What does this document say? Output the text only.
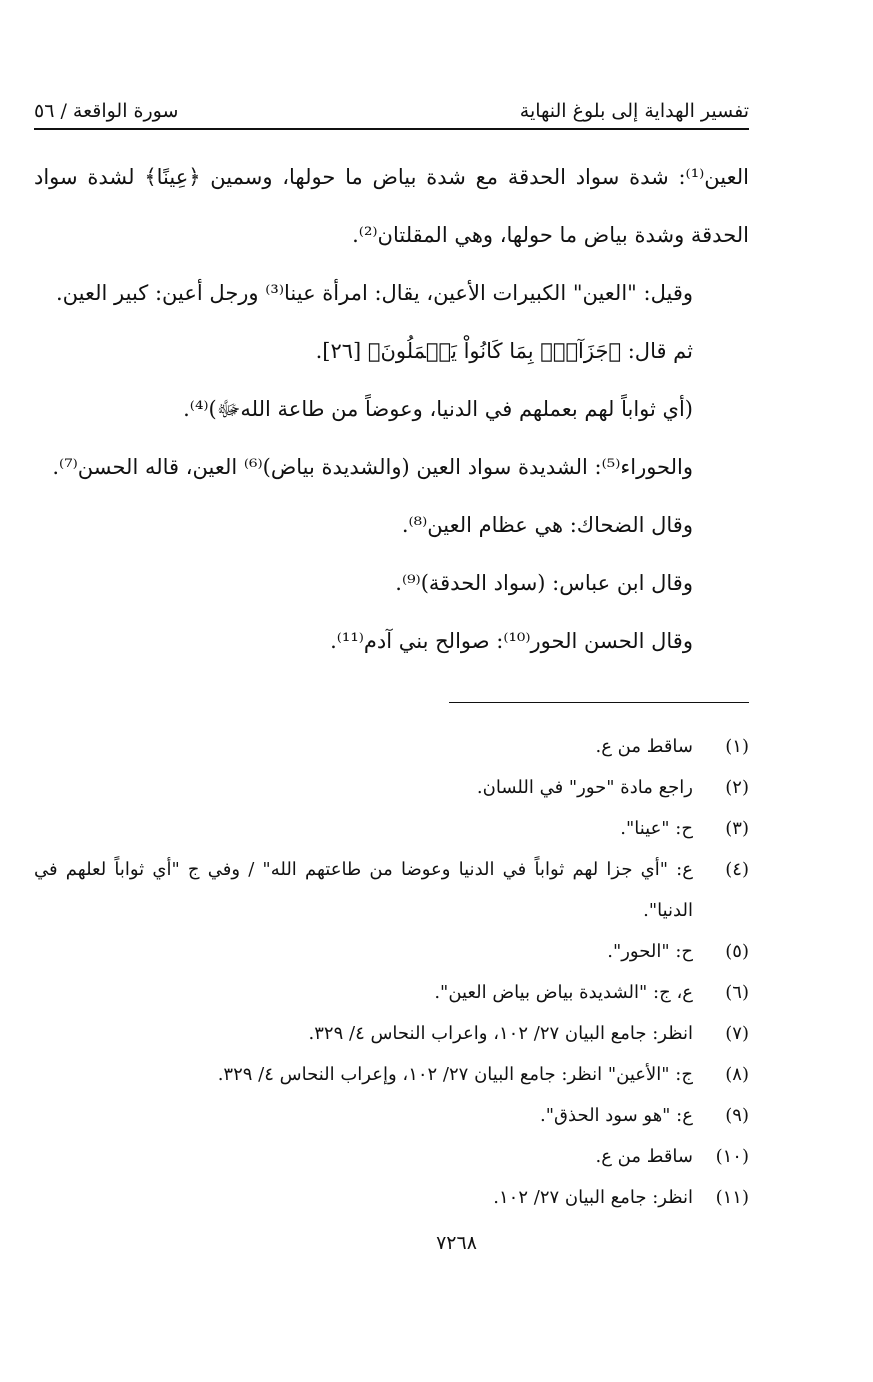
تفسير الهداية إلى بلوغ النهاية
سورة الواقعة / ٥٦

العين⁽¹⁾: شدة سواد الحدقة مع شدة بياض ما حولها، وسمين ﴿عِينًا﴾ لشدة سواد

الحدقة وشدة بياض ما حولها، وهي المقلتان⁽²⁾.

وقيل: "العين" الكبيرات الأعين، يقال: امرأة عينا⁽³⁾ ورجل أعين: كبير العين.

ثم قال: ﴿جَزَآءَۢ بِمَا كَانُواْ يَعۡمَلُونَ﴾ [٢٦].

(أي ثواباً لهم بعملهم في الدنيا، وعوضاً من طاعة اللهﷻ)⁽⁴⁾.

والحوراء⁽⁵⁾: الشديدة سواد العين (والشديدة بياض)⁽⁶⁾ العين، قاله الحسن⁽⁷⁾.

وقال الضحاك: هي عظام العين⁽⁸⁾.

وقال ابن عباس: (سواد الحدقة)⁽⁹⁾.

وقال الحسن الحور⁽¹⁰⁾: صوالح بني آدم⁽¹¹⁾.

(١)
ساقط من ع.
(٢)
راجع مادة "حور" في اللسان.
(٣)
ح: "عينا".
(٤)
ع: "أي جزا لهم ثواباً في الدنيا وعوضا من طاعتهم الله" / وفي ج "أي ثواباً لعلهم في الدنيا".
(٥)
ح: "الحور".
(٦)
ع، ج: "الشديدة بياض بياض العين".
(٧)
انظر: جامع البيان ٢٧/ ١٠٢، واعراب النحاس ٤/ ٣٢٩.
(٨)
ج: "الأعين" انظر: جامع البيان ٢٧/ ١٠٢، وإعراب النحاس ٤/ ٣٢٩.
(٩)
ع: "هو سود الحذق".
(١٠)
ساقط من ع.
(١١)
انظر: جامع البيان ٢٧/ ١٠٢.
٧٢٦٨
